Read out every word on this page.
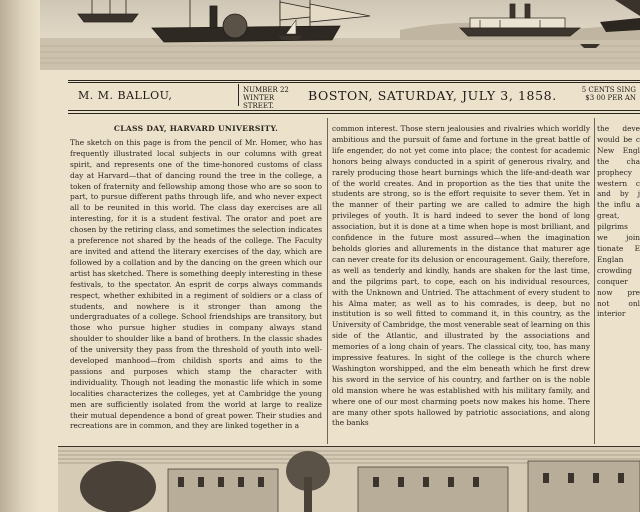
M. M. BALLOU,	NUMBER 22 WINTER STREET.
BOSTON, SATURDAY, JULY 3, 1858.	5 CENTS SING $3 00 PER AN
CLASS DAY, HARVARD UNIVERSITY.

The sketch on this page is from the pencil of Mr. Homer, who has frequently illustrated local subjects in our columns with great spirit, and represents one of the time-honored customs of class day at Harvard—that of dancing round the tree in the college, a token of fraternity and fellowship among those who are so soon to part, to pursue different paths through life, and who never expect all to be reunited in this world. The class day exercises are all interesting, for it is a student festival. The orator and poet are chosen by the retiring class, and sometimes the selection indicates a preference not shared by the heads of the college. The Faculty are invited and attend the literary exercises of the day, which are followed by a collation and by the dancing on the green which our artist has sketched. There is something deeply interesting in these festivals, to the spectator. An esprit de corps always commands respect, whether exhibited in a regiment of soldiers or a class of students, and nowhere is it stronger than among the undergraduates of a college. School friendships are transitory, but those who pursue higher studies in company always stand shoulder to shoulder like a band of brothers. In the classic shades of the university they pass from the threshold of youth into well-developed manhood—from childish sports and aims to the passions and purposes which stamp the character with individuality. Though not leading the monastic life which in some localities characterizes the colleges, yet at Cambridge the young men are sufficiently isolated from the world at large to realize their mutual dependence a bond of great power. Their studies and recreations are in common, and they are linked together in a

common interest. Those stern jealousies and rivalries which worldly ambitious and the pursuit of fame and fortune in the great battle of life engender, do not yet come into place; the contest for academic honors being always conducted in a spirit of generous rivalry, and rarely producing those heart burnings which the life-and-death war of the world creates. And in proportion as the ties that unite the students are strong, so is the effort requisite to sever them. Yet in the manner of their parting we are called to admire the high privileges of youth. It is hard indeed to sever the bond of long association, but it is done at a time when hope is most brilliant, and confidence in the future most assured—when the imagination beholds glories and allurements in the distance that maturer age can never create for its delusion or encouragement. Gaily, therefore, as well as tenderly and kindly, hands are shaken for the last time, and the pilgrims part, to cope, each on his individual resources, with the Unknown and Untried. The attachment of every student to his Alma mater, as well as to his comrades, is deep, but no institution is so well fitted to command it, in this country, as the University of Cambridge, the most venerable seat of learning on this side of the Atlantic, and illustrated by the associations and memories of a long chain of years. The classical city, too, has many impressive features. In sight of the college is the church where Washington worshipped, and the elm beneath which he first drew his sword in the service of his country, and farther on is the noble old mansion where he was established with his military family, and where one of our most charming poets now makes his home. There are many other spots hallowed by patriotic associations, and along the banks

the deve would be c New Engl the cha prophecy western c and by j the influ a great, pilgrims we join tionate E Englan crowding conquer now pre not onl interior
